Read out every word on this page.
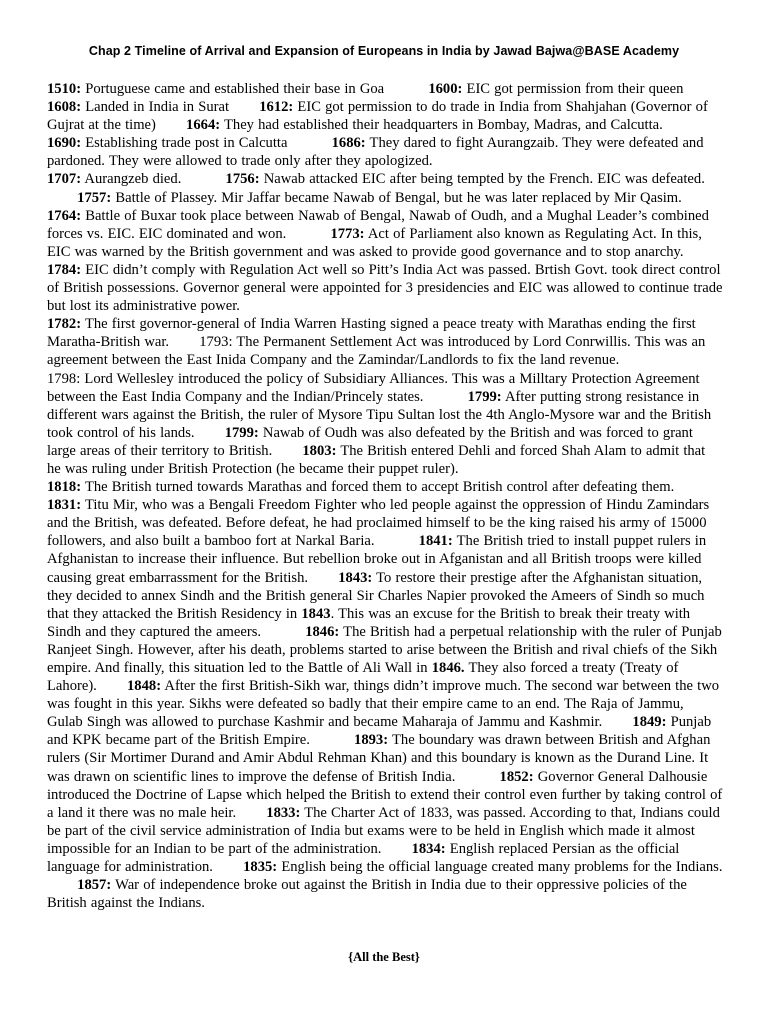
Chap 2 Timeline of Arrival and Expansion of Europeans in India by Jawad Bajwa@BASE Academy
1510: Portuguese came and established their base in Goa	1600: EIC got permission from their queen 1608: Landed in India in Surat 1612: EIC got permission to do trade in India from Shahjahan (Governor of Gujrat at the time) 1664: They had established their headquarters in Bombay, Madras, and Calcutta. 1690: Establishing trade post in Calcutta	1686: They dared to fight Aurangzaib. They were defeated and pardoned. They were allowed to trade only after they apologized.
1707: Aurangzeb died.	1756: Nawab attacked EIC after being tempted by the French. EIC was defeated. 1757: Battle of Plassey. Mir Jaffar became Nawab of Bengal, but he was later replaced by Mir Qasim. 1764: Battle of Buxar took place between Nawab of Bengal, Nawab of Oudh, and a Mughal Leader’s combined forces vs. EIC. EIC dominated and won.	1773: Act of Parliament also known as Regulating Act. In this, EIC was warned by the British government and was asked to provide good governance and to stop anarchy. 1784: EIC didn’t comply with Regulation Act well so Pitt’s India Act was passed. Brtish Govt. took direct control of British possessions. Governor general were appointed for 3 presidencies and EIC was allowed to continue trade but lost its administrative power.
1782: The first governor-general of India Warren Hasting signed a peace treaty with Marathas ending the first Maratha-British war. 1793: The Permanent Settlement Act was introduced by Lord Conrwillis. This was an agreement between the East Inida Company and the Zamindar/Landlords to fix the land revenue.
1798: Lord Wellesley introduced the policy of Subsidiary Alliances. This was a Milltary Protection Agreement between the East India Company and the Indian/Princely states.	1799: After putting strong resistance in different wars against the British, the ruler of Mysore Tipu Sultan lost the 4th Anglo-Mysore war and the British took control of his lands. 1799: Nawab of Oudh was also defeated by the British and was forced to grant large areas of their territory to British. 1803: The British entered Dehli and forced Shah Alam to admit that he was ruling under British Protection (he became their puppet ruler).
1818: The British turned towards Marathas and forced them to accept British control after defeating them.
1831: Titu Mir, who was a Bengali Freedom Fighter who led people against the oppression of Hindu Zamindars and the British, was defeated. Before defeat, he had proclaimed himself to be the king raised his army of 15000 followers, and also built a bamboo fort at Narkal Baria.	1841: The British tried to install puppet rulers in Afghanistan to increase their influence. But rebellion broke out in Afganistan and all British troops were killed causing great embarrassment for the British. 1843: To restore their prestige after the Afghanistan situation, they decided to annex Sindh and the British general Sir Charles Napier provoked the Ameers of Sindh so much that they attacked the British Residency in 1843. This was an excuse for the British to break their treaty with Sindh and they captured the ameers.	1846: The British had a perpetual relationship with the ruler of Punjab Ranjeet Singh. However, after his death, problems started to arise between the British and rival chiefs of the Sikh empire. And finally, this situation led to the Battle of Ali Wall in 1846. They also forced a treaty (Treaty of Lahore). 1848: After the first British-Sikh war, things didn’t improve much. The second war between the two was fought in this year. Sikhs were defeated so badly that their empire came to an end. The Raja of Jammu, Gulab Singh was allowed to purchase Kashmir and became Maharaja of Jammu and Kashmir. 1849: Punjab and KPK became part of the British Empire.	1893: The boundary was drawn between British and Afghan rulers (Sir Mortimer Durand and Amir Abdul Rehman Khan) and this boundary is known as the Durand Line. It was drawn on scientific lines to improve the defense of British India.	1852: Governor General Dalhousie introduced the Doctrine of Lapse which helped the British to extend their control even further by taking control of a land it there was no male heir. 1833: The Charter Act of 1833, was passed. According to that, Indians could be part of the civil service administration of India but exams were to be held in English which made it almost impossible for an Indian to be part of the administration. 1834: English replaced Persian as the official language for administration. 1835: English being the official language created many problems for the Indians. 1857: War of independence broke out against the British in India due to their oppressive policies of the British against the Indians.
{All the Best}
